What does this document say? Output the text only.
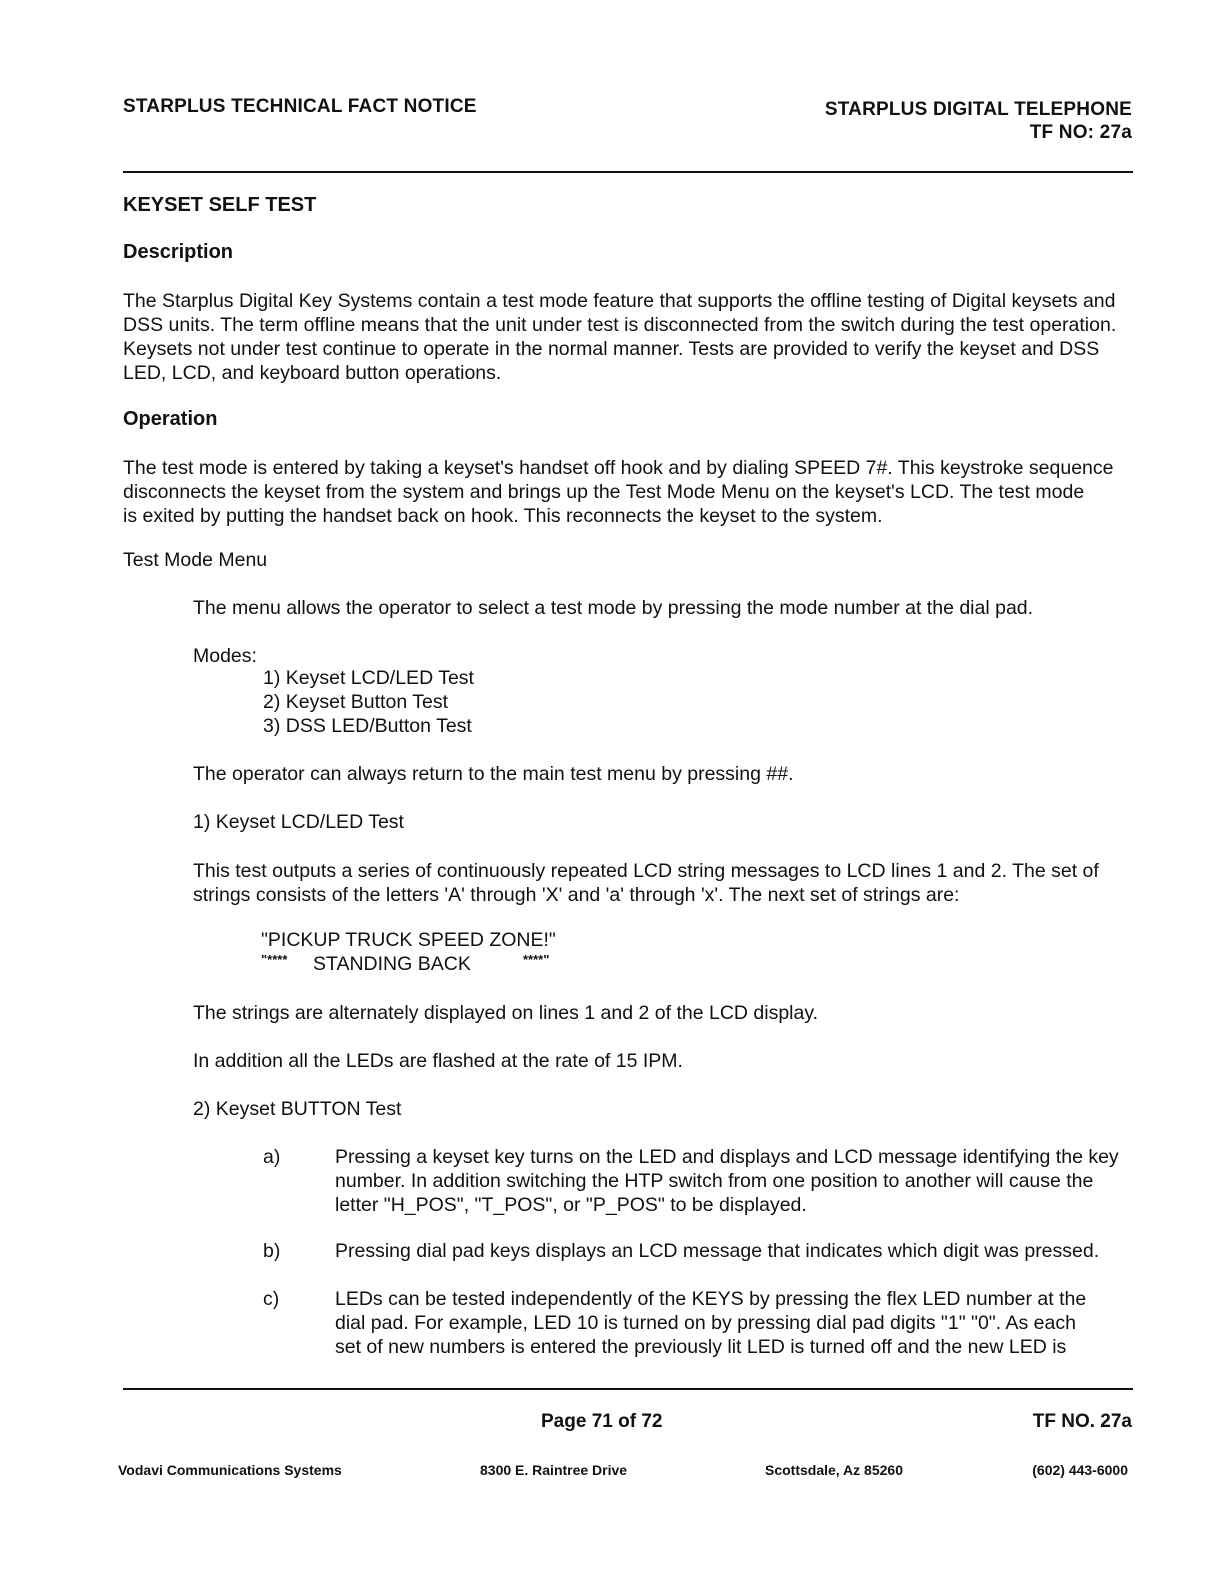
STARPLUS TECHNICAL FACT NOTICE	STARPLUS DIGITAL TELEPHONE
TF NO: 27a
KEYSET SELF TEST
Description
The Starplus Digital Key Systems contain a test mode feature that supports the offline testing of Digital keysets and
DSS units. The term offline means that the unit under test is disconnected from the switch during the test operation.
Keysets not under test continue to operate in the normal manner. Tests are provided to verify the keyset and DSS
LED, LCD, and keyboard button operations.
Operation
The test mode is entered by taking a keyset's handset off hook and by dialing SPEED 7#. This keystroke sequence
disconnects the keyset from the system and brings up the Test Mode Menu on the keyset's LCD. The test mode
is exited by putting the handset back on hook. This reconnects the keyset to the system.
Test Mode Menu
The menu allows the operator to select a test mode by pressing the mode number at the dial pad.
Modes:
1) Keyset LCD/LED Test
2) Keyset Button Test
3) DSS LED/Button Test
The operator can always return to the main test menu by pressing ##.
1) Keyset LCD/LED Test
This test outputs a series of continuously repeated LCD string messages to LCD lines 1 and 2. The set of
strings consists of the letters 'A' through 'X' and 'a' through 'x'. The next set of strings are:
"PICKUP TRUCK SPEED ZONE!"
"**** STANDING BACK	****"
The strings are alternately displayed on lines 1 and 2 of the LCD display.
In addition all the LEDs are flashed at the rate of 15 IPM.
2) Keyset BUTTON Test
a)	Pressing a keyset key turns on the LED and displays and LCD message identifying the key
number. In addition switching the HTP switch from one position to another will cause the
letter "H_POS", "T_POS", or "P_POS" to be displayed.
b)	Pressing dial pad keys displays an LCD message that indicates which digit was pressed.
c)	LEDs can be tested independently of the KEYS by pressing the flex LED number at the
dial pad. For example, LED 10 is turned on by pressing dial pad digits "1" "0". As each
set of new numbers is entered the previously lit LED is turned off and the new LED is
Page 71 of 72	TF NO. 27a
Vodavi Communications Systems	8300 E. Raintree Drive	Scottsdale, Az 85260	(602) 443-6000
